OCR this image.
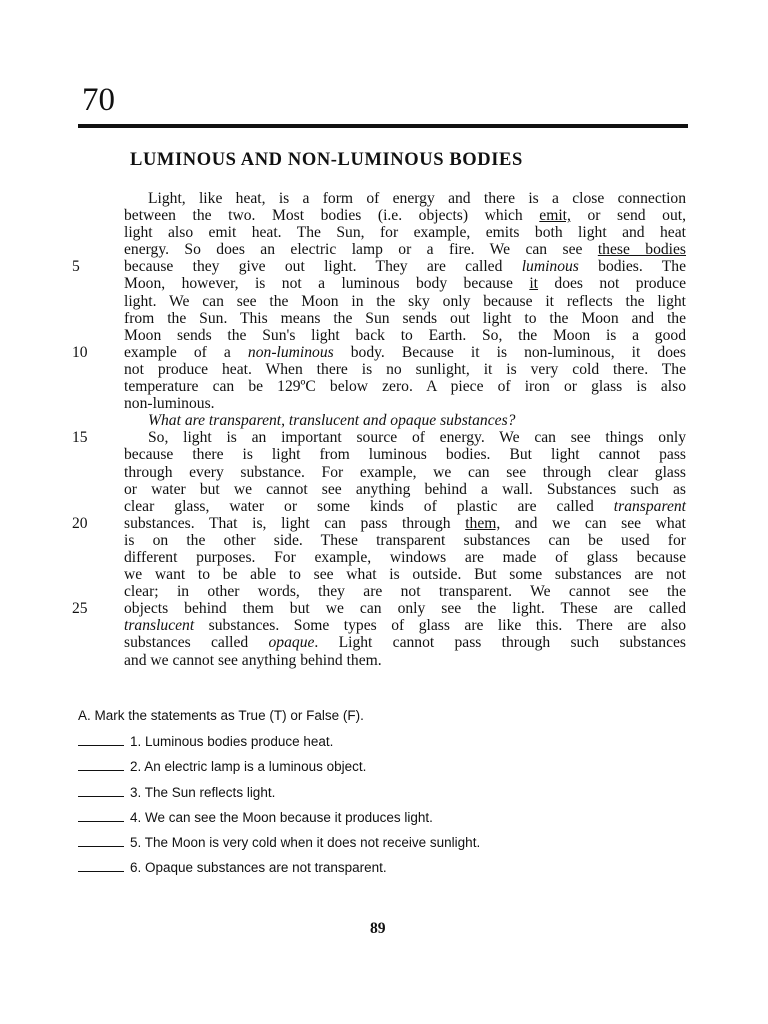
70
LUMINOUS AND NON-LUMINOUS BODIES
Light, like heat, is a form of energy and there is a close connection
between the two. Most bodies (i.e. objects) which emit, or send out,
light also emit heat. The Sun, for example, emits both light and heat
energy. So does an electric lamp or a fire. We can see these bodies
because they give out light. They are called luminous bodies. The
Moon, however, is not a luminous body because it does not produce
light. We can see the Moon in the sky only because it reflects the light
from the Sun. This means the Sun sends out light to the Moon and the
Moon sends the Sun's light back to Earth. So, the Moon is a good
example of a non-luminous body. Because it is non-luminous, it does
not produce heat. When there is no sunlight, it is very cold there. The
temperature can be 129ºC below zero. A piece of iron or glass is also
non-luminous.
What are transparent, translucent and opaque substances?
So, light is an important source of energy. We can see things only
because there is light from luminous bodies. But light cannot pass
through every substance. For example, we can see through clear glass
or water but we cannot see anything behind a wall. Substances such as
clear glass, water or some kinds of plastic are called transparent
substances. That is, light can pass through them, and we can see what
is on the other side. These transparent substances can be used for
different purposes. For example, windows are made of glass because
we want to be able to see what is outside. But some substances are not
clear; in other words, they are not transparent. We cannot see the
objects behind them but we can only see the light. These are called
translucent substances. Some types of glass are like this. There are also
substances called opaque. Light cannot pass through such substances
and we cannot see anything behind them.
5
10
15
20
25
A. Mark the statements as True (T) or False (F).
1. Luminous bodies produce heat.
2. An electric lamp is a luminous object.
3. The Sun reflects light.
4. We can see the Moon because it produces light.
5. The Moon is very cold when it does not receive sunlight.
6. Opaque substances are not transparent.
89
